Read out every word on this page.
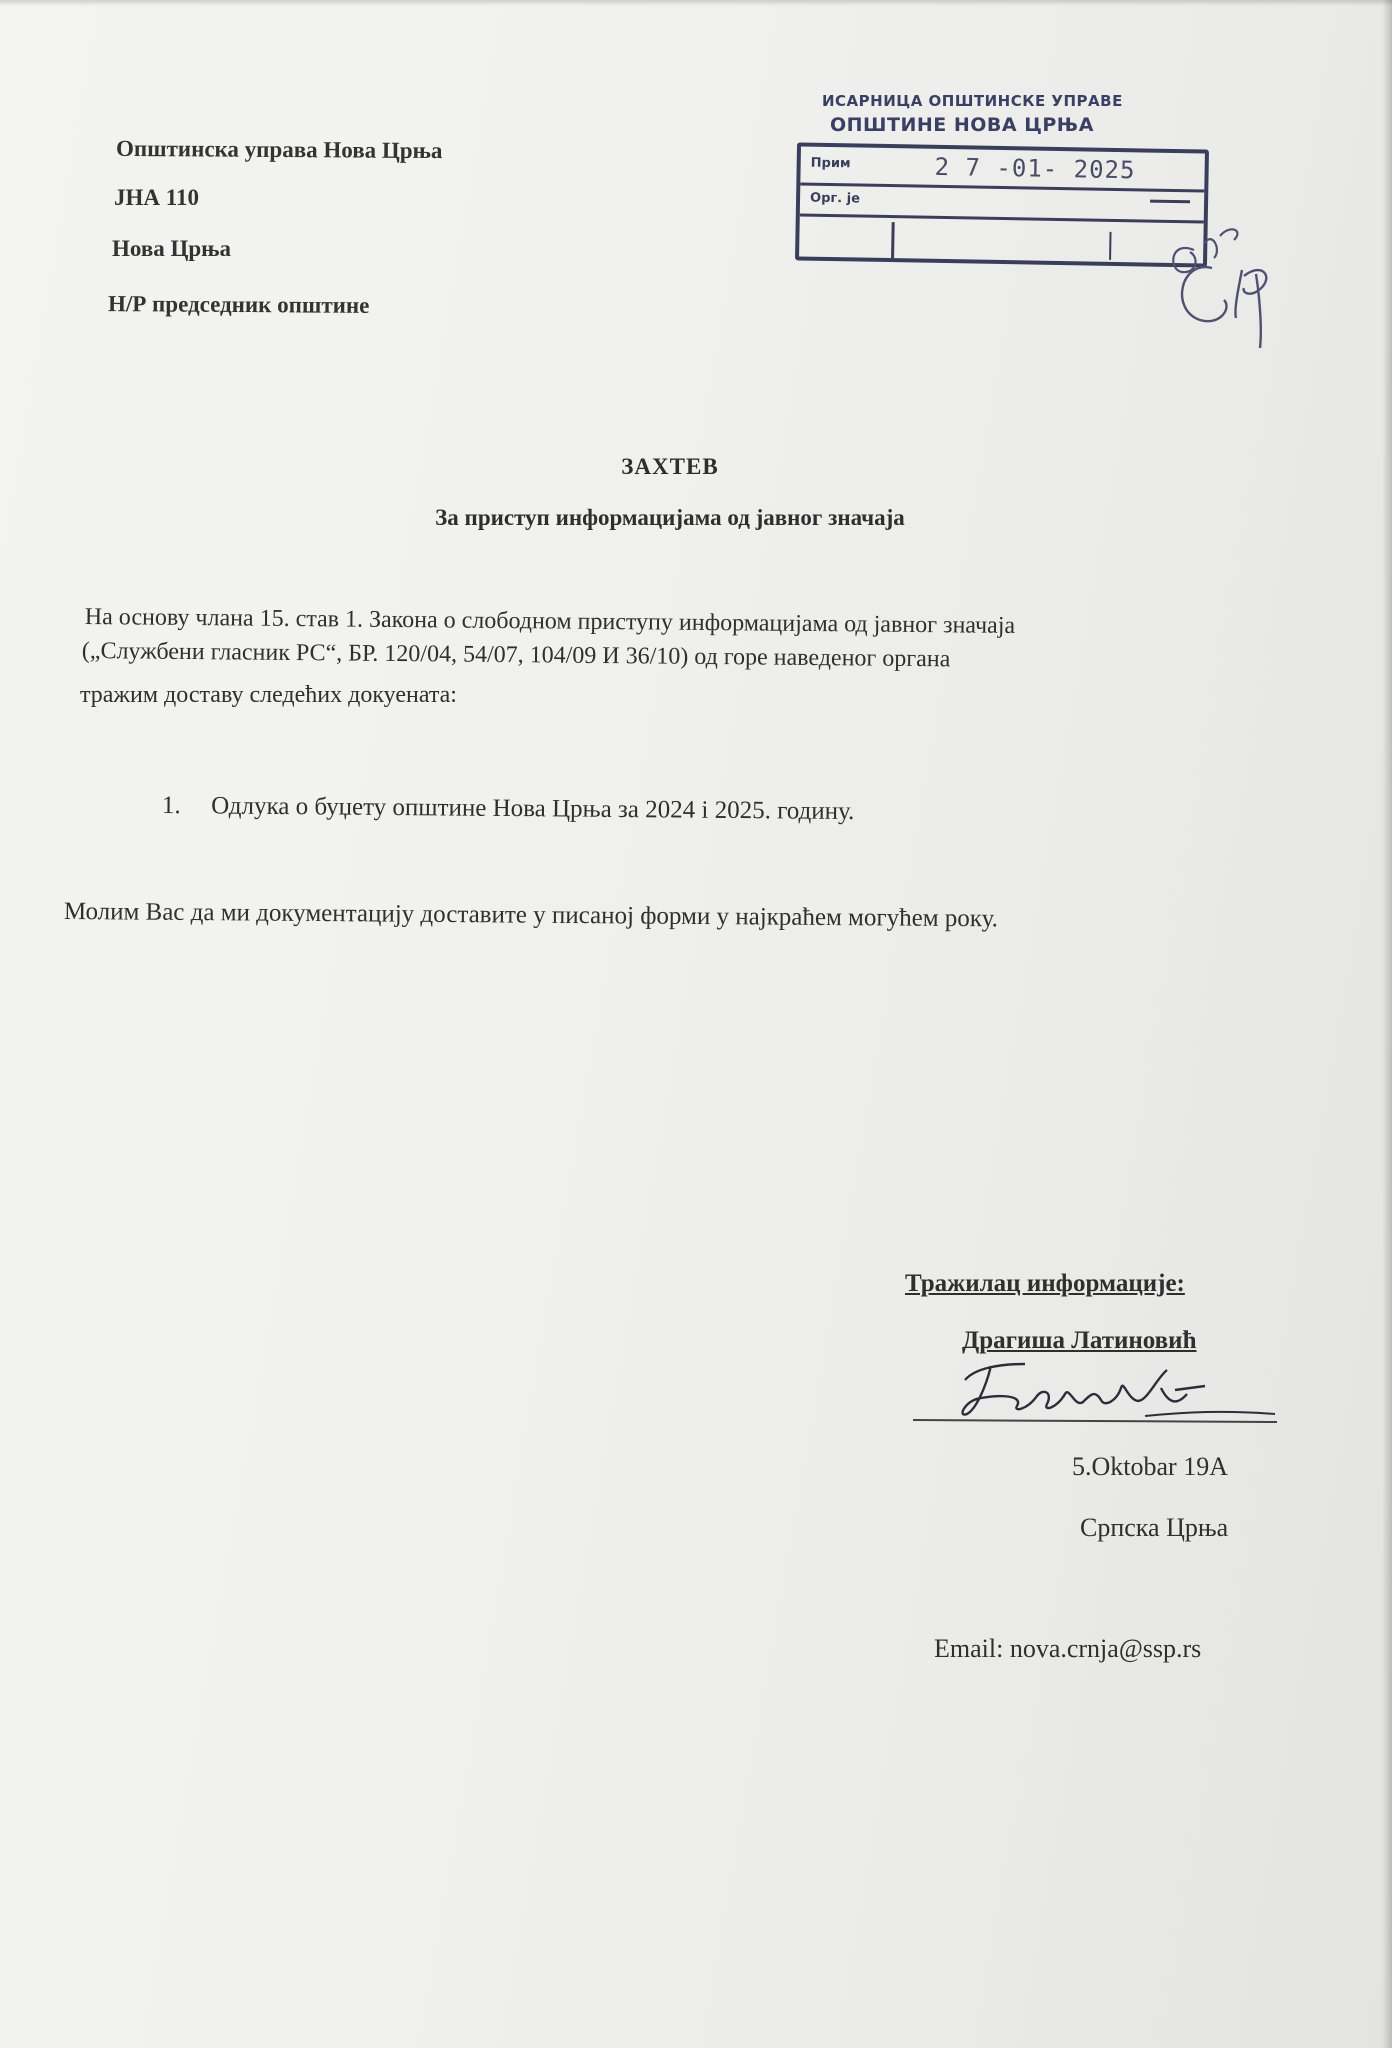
Општинска управа Нова Црња
ЈНА 110
Нова Црња
Н/Р председник општине
ИСАРНИЦА ОПШТИНСКЕ УПРАВЕ
ОПШТИНЕ НОВА ЦРЊА
Прим	2 7 -01- 2025
Орг. је
ЗАХТЕВ
За приступ информацијама од јавног значаја
На основу члана 15. став 1. Закона о слободном приступу информацијама од јавног значаја
(„Службени гласник РС“, БР. 120/04, 54/07, 104/09 И 36/10) од горе наведеног органа
тражим доставу следећих докуената:
1. Одлука о буџету општине Нова Црња за 2024 і 2025. годину.
Молим Вас да ми документацију доставите у писаној форми у најкраћем могућем року.
Тражилац информације:
Драгиша Латиновић
5.Oktobar 19A
Српска Црња
Email: nova.crnja@ssp.rs
